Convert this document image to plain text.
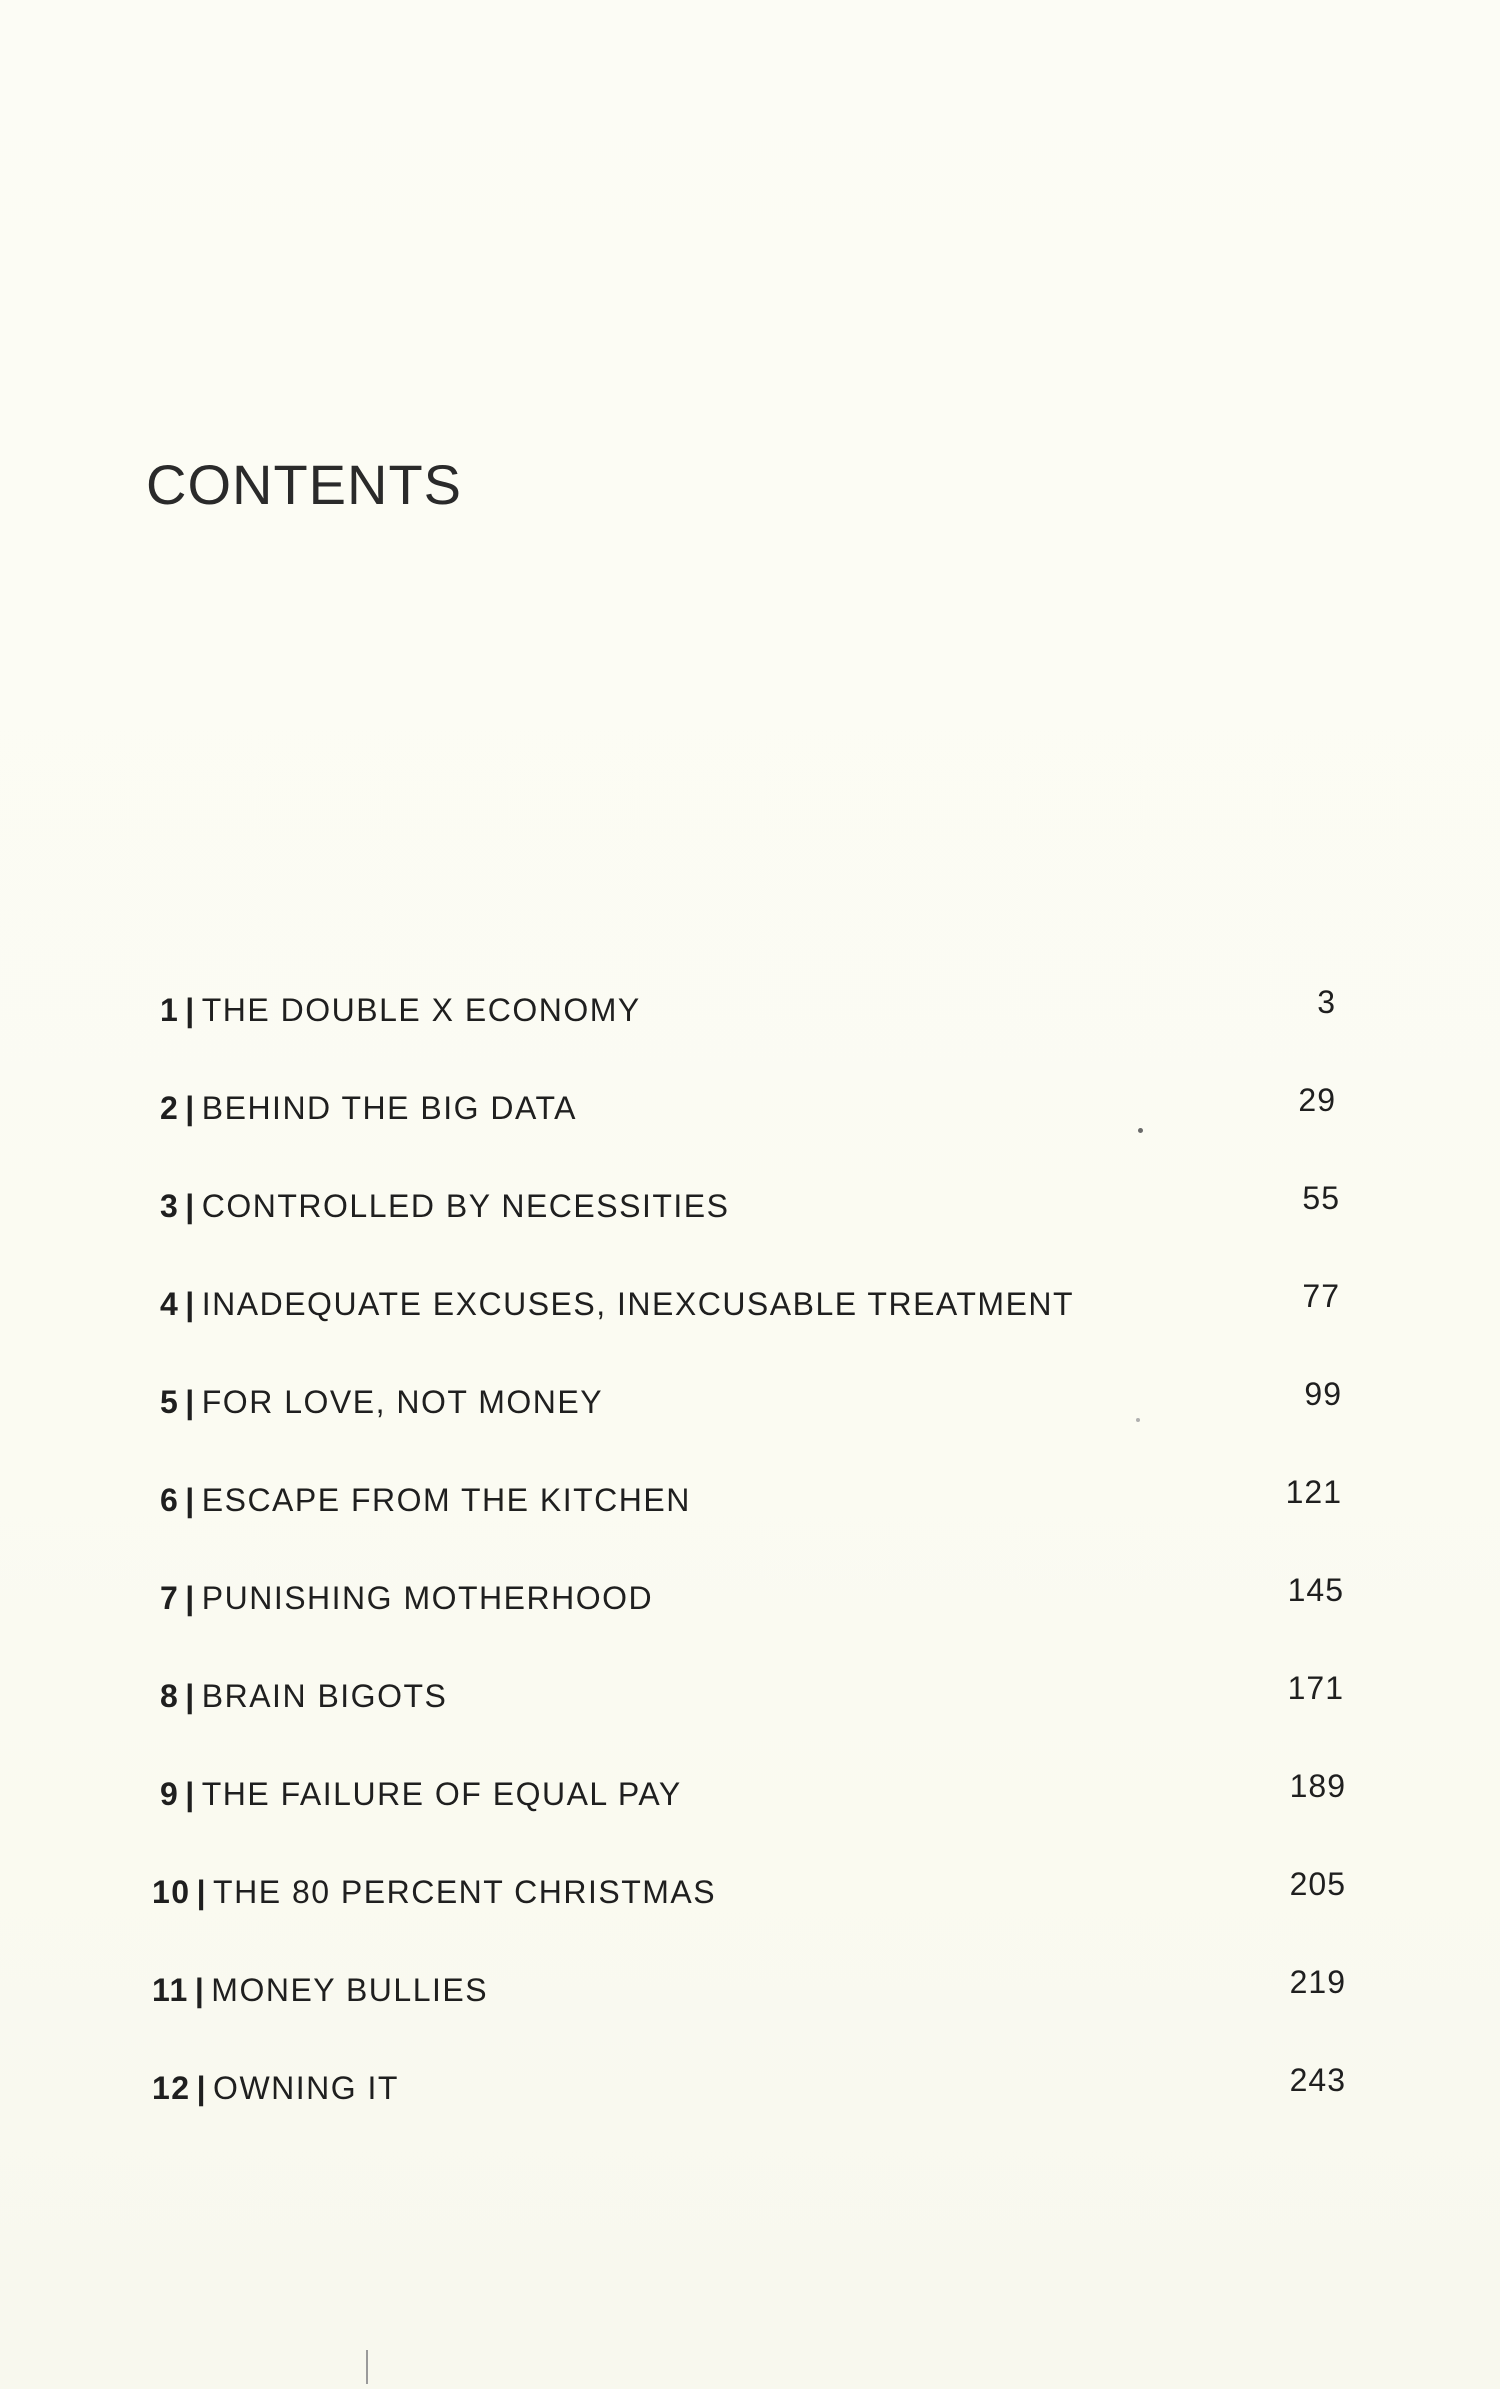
CONTENTS
1 | THE DOUBLE X ECONOMY	3
2 | BEHIND THE BIG DATA	29
3 | CONTROLLED BY NECESSITIES	55
4 | INADEQUATE EXCUSES, INEXCUSABLE TREATMENT	77
5 | FOR LOVE, NOT MONEY	99
6 | ESCAPE FROM THE KITCHEN	121
7 | PUNISHING MOTHERHOOD	145
8 | BRAIN BIGOTS	171
9 | THE FAILURE OF EQUAL PAY	189
10 | THE 80 PERCENT CHRISTMAS	205
11 | MONEY BULLIES	219
12 | OWNING IT	243
